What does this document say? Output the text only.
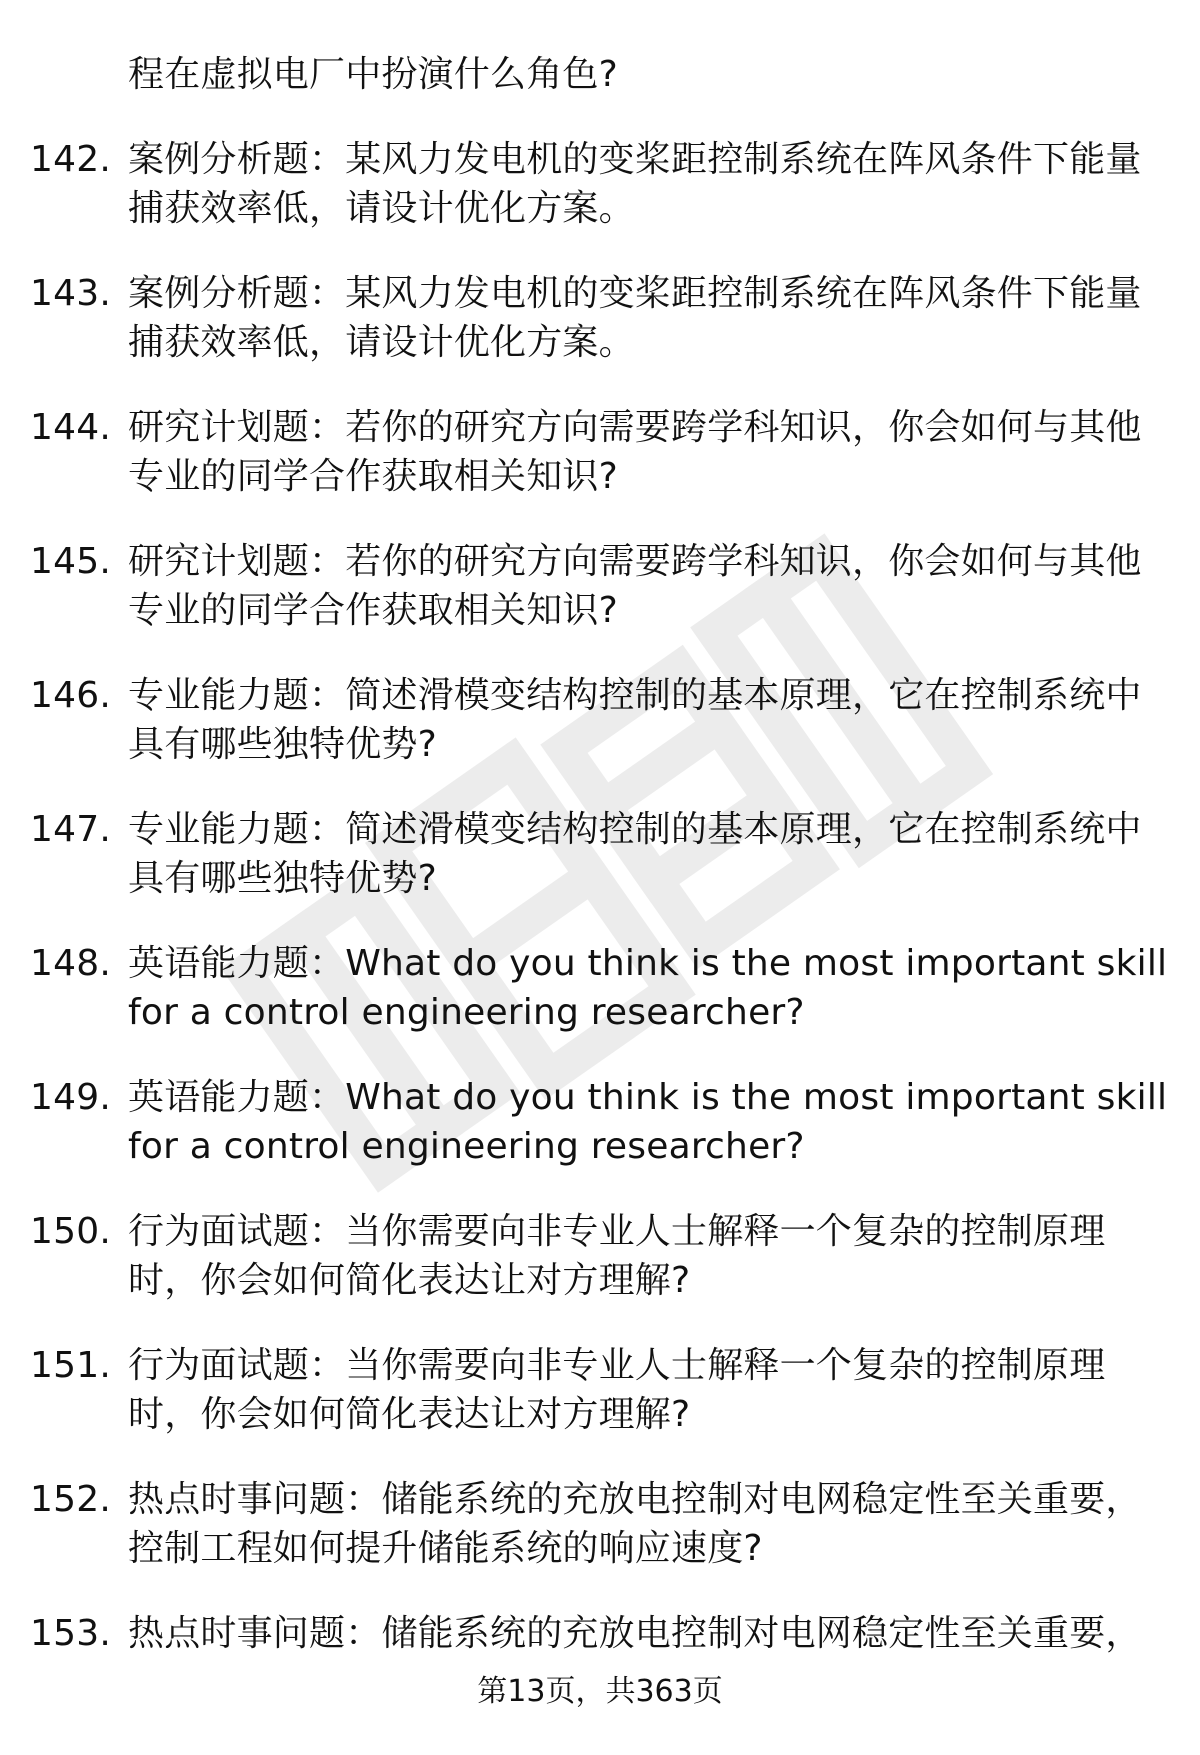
程在虚拟电厂中扮演什么角色?
142. 案例分析题：某风力发电机的变桨距控制系统在阵风条件下能量捕获效率低，请设计优化方案。
143. 案例分析题：某风力发电机的变桨距控制系统在阵风条件下能量捕获效率低，请设计优化方案。
144. 研究计划题：若你的研究方向需要跨学科知识，你会如何与其他专业的同学合作获取相关知识?
145. 研究计划题：若你的研究方向需要跨学科知识，你会如何与其他专业的同学合作获取相关知识?
146. 专业能力题：简述滑模变结构控制的基本原理，它在控制系统中具有哪些独特优势?
147. 专业能力题：简述滑模变结构控制的基本原理，它在控制系统中具有哪些独特优势?
148. 英语能力题：What do you think is the most important skill for a control engineering researcher?
149. 英语能力题：What do you think is the most important skill for a control engineering researcher?
150. 行为面试题：当你需要向非专业人士解释一个复杂的控制原理时，你会如何简化表达让对方理解?
151. 行为面试题：当你需要向非专业人士解释一个复杂的控制原理时，你会如何简化表达让对方理解?
152. 热点时事问题：储能系统的充放电控制对电网稳定性至关重要，控制工程如何提升储能系统的响应速度?
153. 热点时事问题：储能系统的充放电控制对电网稳定性至关重要，
第13页，共363页
